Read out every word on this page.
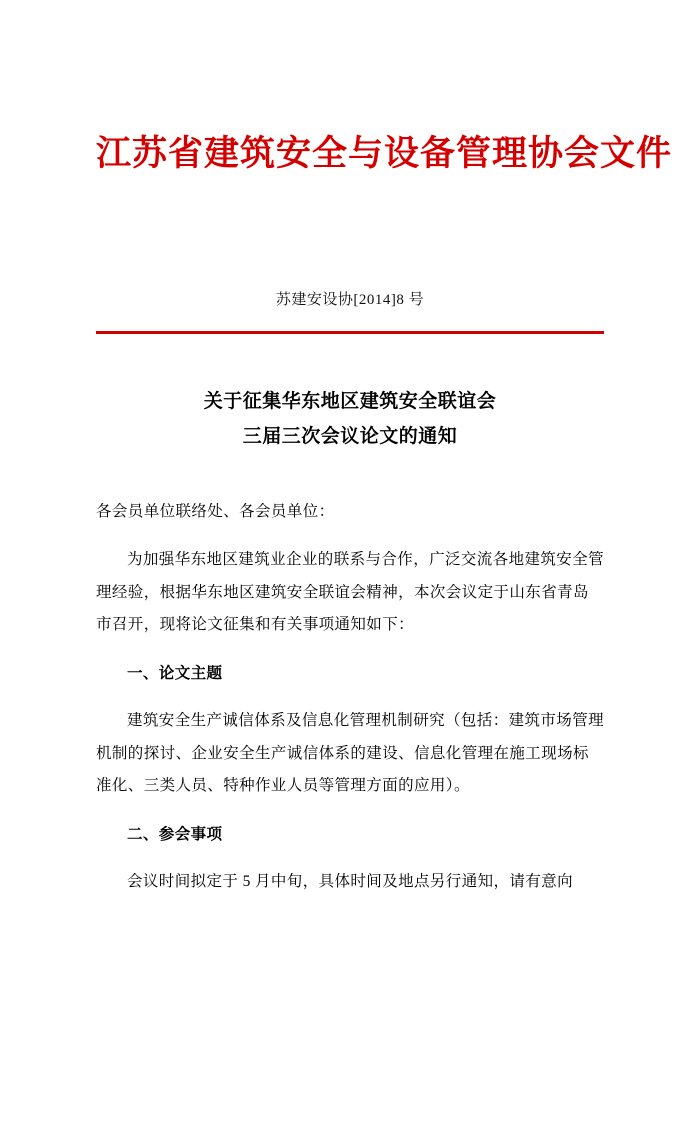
江苏省建筑安全与设备管理协会文件
苏建安设协[2014]8 号
关于征集华东地区建筑安全联谊会
三届三次会议论文的通知

各会员单位联络处、各会员单位：

为加强华东地区建筑业企业的联系与合作，广泛交流各地建筑安全管理经验，根据华东地区建筑安全联谊会精神，本次会议定于山东省青岛市召开，现将论文征集和有关事项通知如下：

一、论文主题

建筑安全生产诚信体系及信息化管理机制研究（包括：建筑市场管理机制的探讨、企业安全生产诚信体系的建设、信息化管理在施工现场标准化、三类人员、特种作业人员等管理方面的应用）。

二、参会事项

会议时间拟定于 5 月中旬，具体时间及地点另行通知，请有意向
